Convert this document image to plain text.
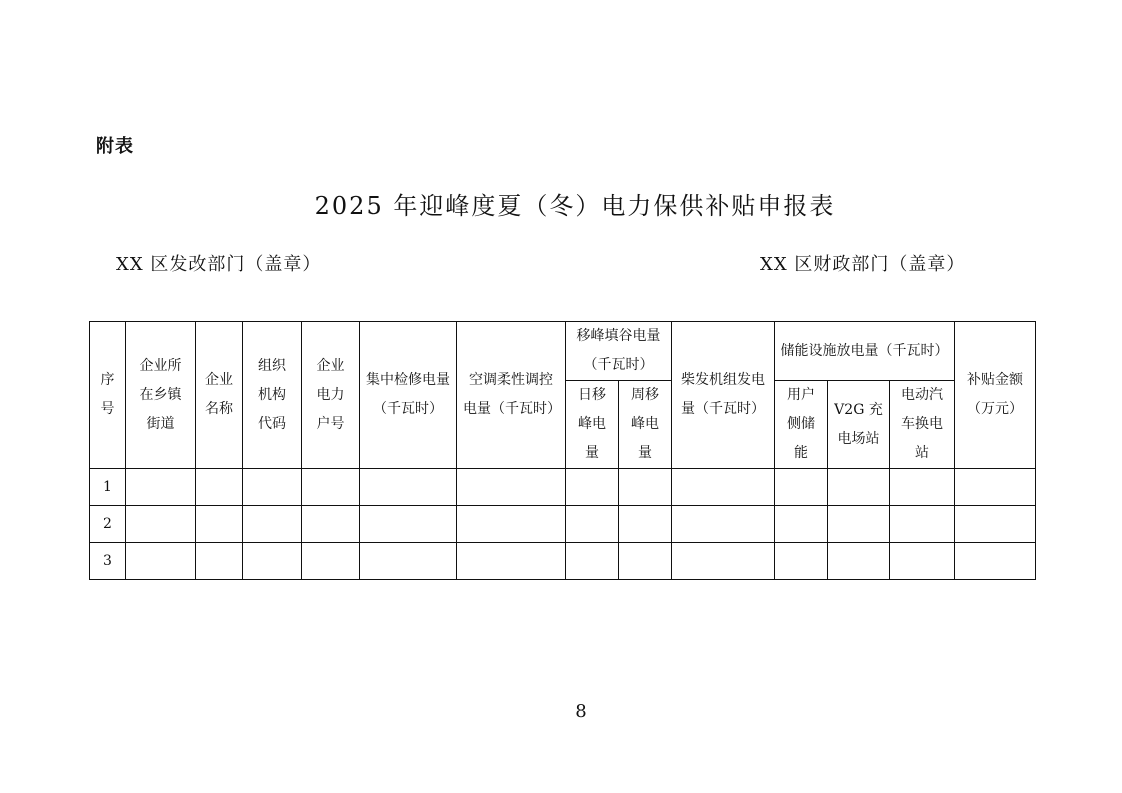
附表
2025 年迎峰度夏（冬）电力保供补贴申报表
XX 区发改部门（盖章）	XX 区财政部门（盖章）
序号	企业所在乡镇街道	企业名称	组织机构代码	企业电力户号	集中检修电量（千瓦时）	空调柔性调控电量（千瓦时）	移峰填谷电量（千瓦时）		柴发机组发电量（千瓦时）	储能设施放电量（千瓦时）			补贴金额（万元）
							日移峰电量	周移峰电量		用户侧储能	V2G 充电场站	电动汽车换电站	

1													
2													
3													
8
